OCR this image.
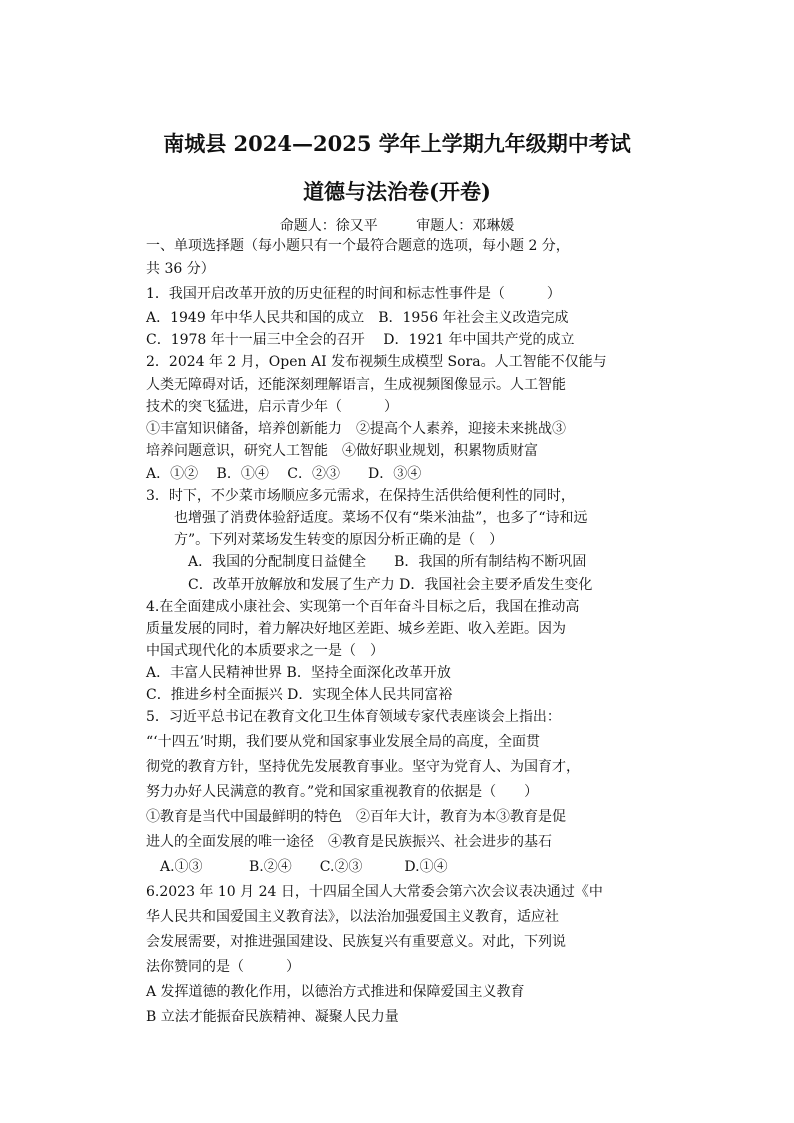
南城县 2024—2025 学年上学期九年级期中考试
道德与法治卷(开卷)
命题人：徐又平	审题人：邓琳媛
一、单项选择题（每小题只有一个最符合题意的选项，每小题 2 分，
共 36 分）
1．我国开启改革开放的历史征程的时间和标志性事件是（　　　）
A．1949 年中华人民共和国的成立　B．1956 年社会主义改造完成
C．1978 年十一届三中全会的召开　 D．1921 年中国共产党的成立
2．2024 年 2 月，Open AI 发布视频生成模型 Sora。人工智能不仅能与
人类无障碍对话，还能深刻理解语言，生成视频图像显示。人工智能
技术的突飞猛进，启示青少年（　　　）
①丰富知识储备，培养创新能力　②提高个人素养，迎接未来挑战③
培养问题意识，研究人工智能　④做好职业规划，积累物质财富
A．①②　 B．①④　 C．②③　　D．③④
3．时下，不少菜市场顺应多元需求，在保持生活供给便利性的同时，
　　也增强了消费体验舒适度。菜场不仅有“柴米油盐”，也多了“诗和远
　　方”。下列对菜场发生转变的原因分析正确的是（　）
　　　A．我国的分配制度日益健全　　B．我国的所有制结构不断巩固
　　　C．改革开放解放和发展了生产力 D．我国社会主要矛盾发生变化
4.在全面建成小康社会、实现第一个百年奋斗目标之后，我国在推动高
质量发展的同时，着力解决好地区差距、城乡差距、收入差距。因为
中国式现代化的本质要求之一是（　）
A．丰富人民精神世界 B．坚持全面深化改革开放
C．推进乡村全面振兴 D．实现全体人民共同富裕
5．习近平总书记在教育文化卫生体育领域专家代表座谈会上指出：
“‘十四五’时期，我们要从党和国家事业发展全局的高度，全面贯
彻党的教育方针，坚持优先发展教育事业。坚守为党育人、为国育才，
努力办好人民满意的教育。”党和国家重视教育的依据是（　　）
①教育是当代中国最鲜明的特色　②百年大计，教育为本③教育是促
进人的全面发展的唯一途径　④教育是民族振兴、社会进步的基石
　A.①③　　　 B.②④　　C.②③　　　D.①④
6.2023 年 10 月 24 日，十四届全国人大常委会第六次会议表决通过《中
华人民共和国爱国主义教育法》，以法治加强爱国主义教育，适应社
会发展需要，对推进强国建设、民族复兴有重要意义。对此，下列说
法你赞同的是（　　　）
A 发挥道德的教化作用，以德治方式推进和保障爱国主义教育
B 立法才能振奋民族精神、凝聚人民力量
